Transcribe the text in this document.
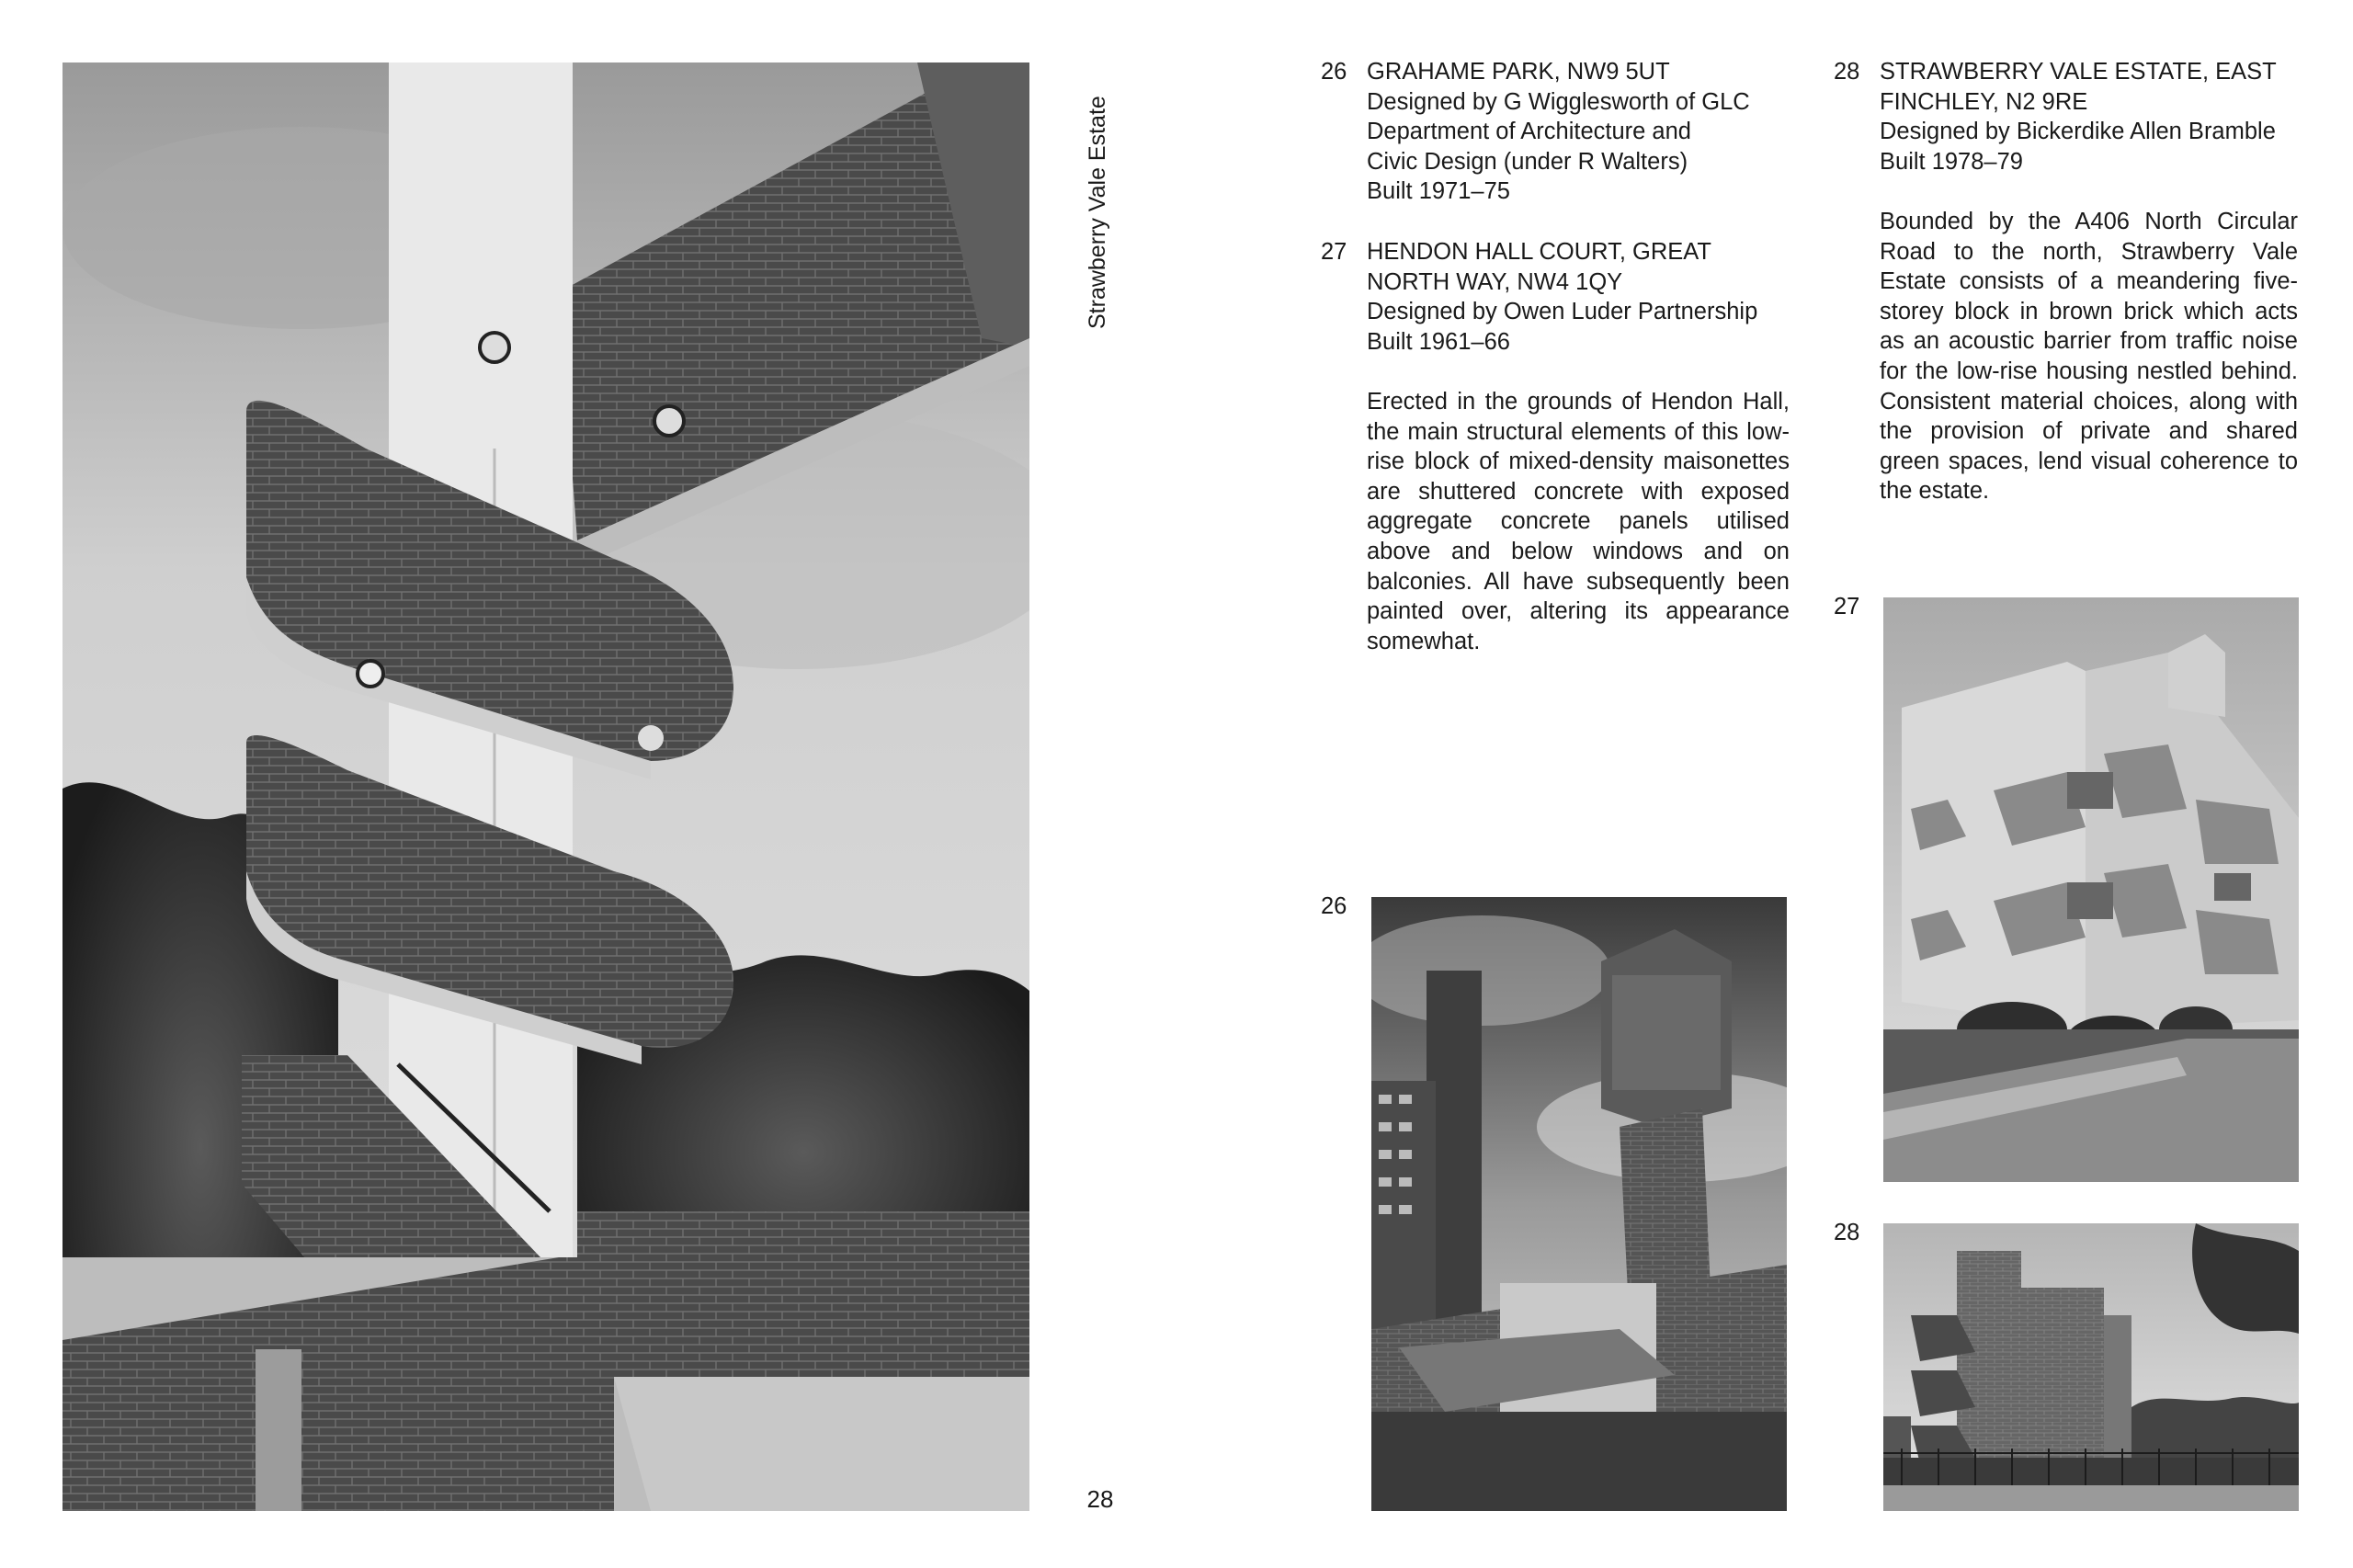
Strawberry Vale Estate
28
26 GRAHAME PARK, NW9 5UT

Designed by G Wigglesworth of GLC

Department of Architecture and

Civic Design (under R Walters)

Built 1971–75

27 HENDON HALL COURT, GREAT

NORTH WAY, NW4 1QY

Designed by Owen Luder Partnership

Built 1961–66

Erected in the grounds of Hendon Hall, the main structural elements of this low-rise block of mixed-density maisonettes are shuttered concrete with exposed aggregate concrete panels utilised above and below windows and on balconies. All have subsequently been painted over, altering its appearance somewhat.

28 STRAWBERRY VALE ESTATE, EAST

FINCHLEY, N2 9RE

Designed by Bickerdike Allen Bramble

Built 1978–79

Bounded by the A406 North Circular Road to the north, Strawberry Vale Estate consists of a meandering five-storey block in brown brick which acts as an acoustic barrier from traffic noise for the low-rise housing nestled behind. Consistent material choices, along with the provision of private and shared green spaces, lend visual coherence to the estate.

26
27
28
